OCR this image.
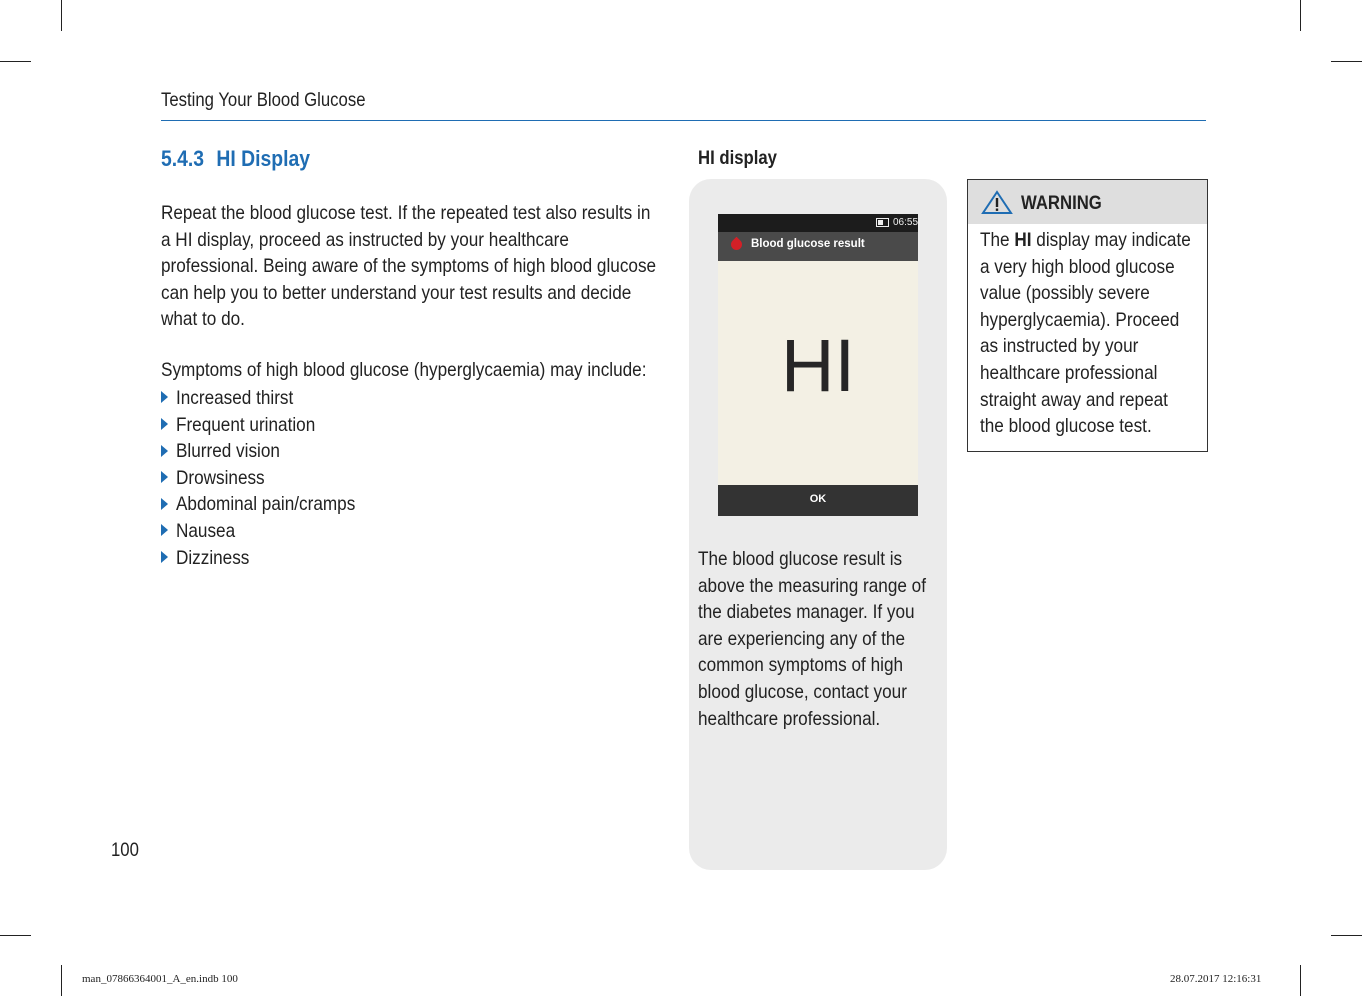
Testing Your Blood Glucose
5.4.3 HI Display
Repeat the blood glucose test. If the repeated test also results in
a HI display, proceed as instructed by your healthcare
professional. Being aware of the symptoms of high blood glucose
can help you to better understand your test results and decide
what to do.
Symptoms of high blood glucose (hyperglycaemia) may include:
Increased thirst
Frequent urination
Blurred vision
Drowsiness
Abdominal pain/cramps
Nausea
Dizziness
100
HI display
06:55
Blood glucose result
HI
OK
The blood glucose result is
above the measuring range of
the diabetes manager. If you
are experiencing any of the
common symptoms of high
blood glucose, contact your
healthcare professional.
WARNING
The HI display may indicate
a very high blood glucose
value (possibly severe
hyperglycaemia). Proceed
as instructed by your
healthcare professional
straight away and repeat
the blood glucose test.
man_07866364001_A_en.indb 100	28.07.2017 12:16:31
